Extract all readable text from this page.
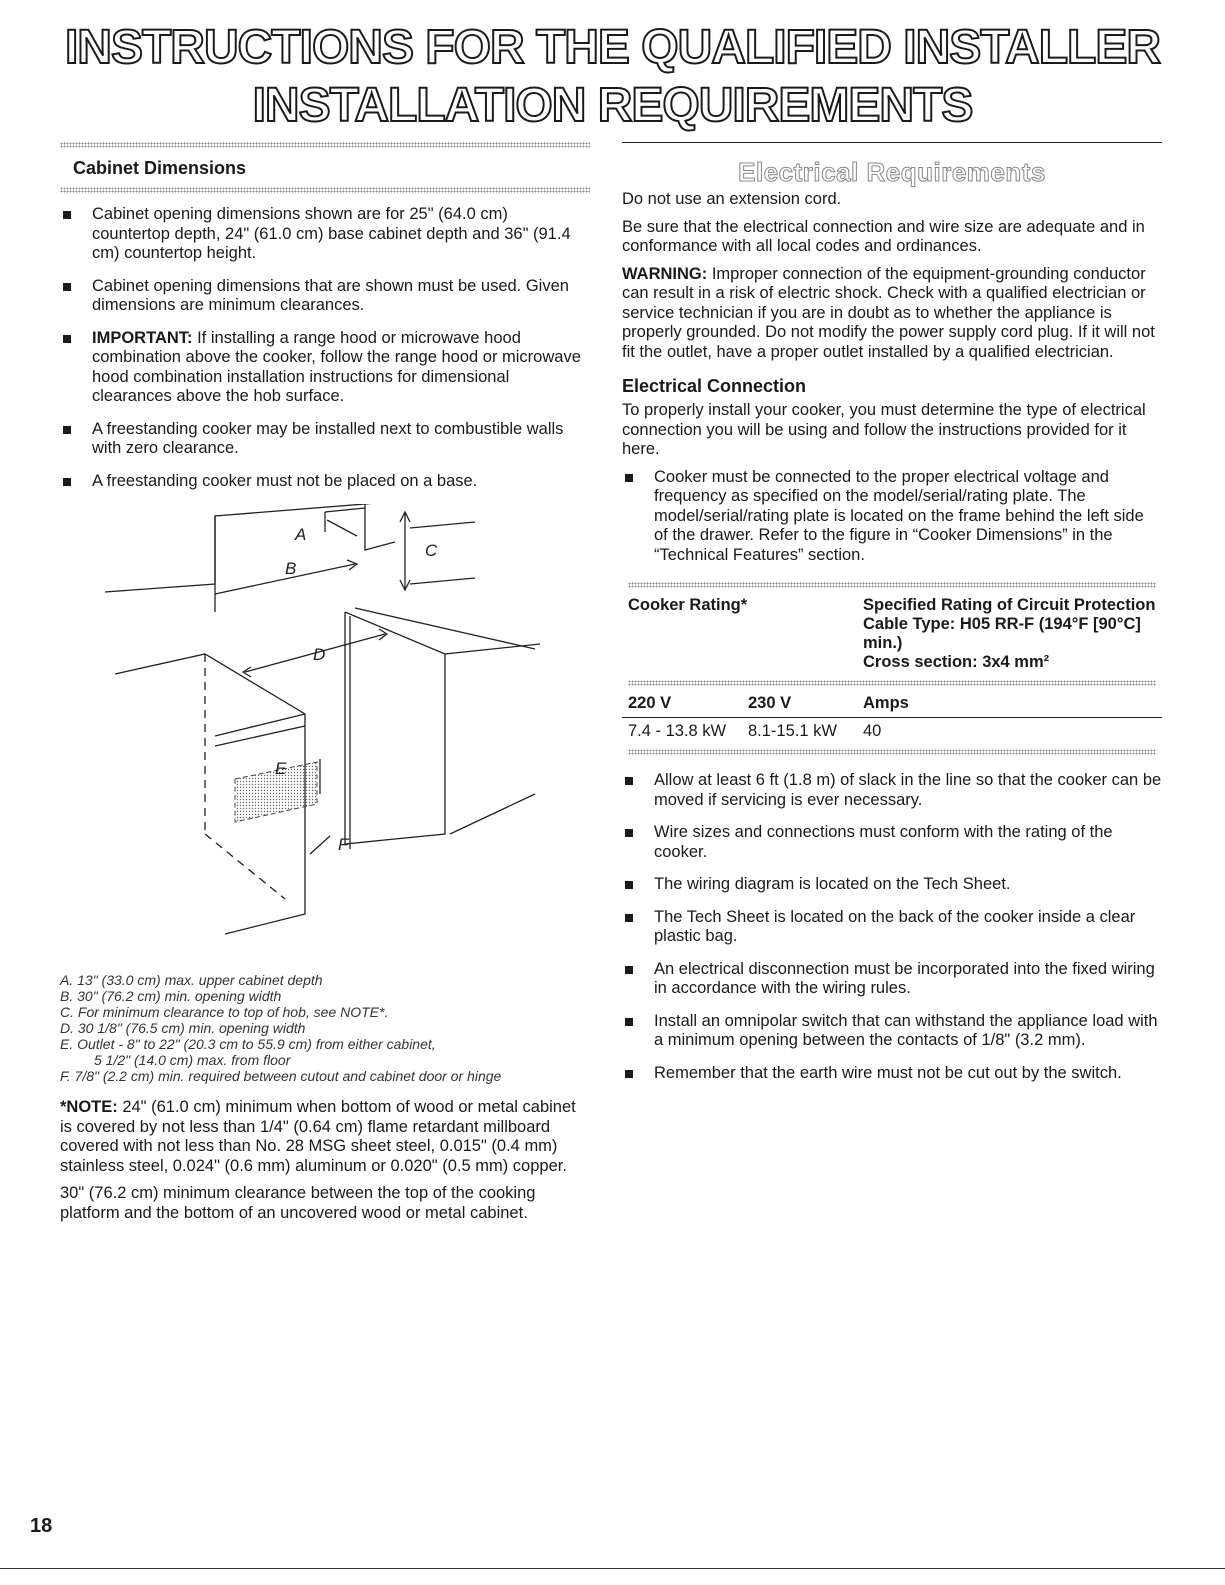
INSTRUCTIONS FOR THE QUALIFIED INSTALLER
INSTALLATION REQUIREMENTS
Cabinet Dimensions
Cabinet opening dimensions shown are for 25" (64.0 cm) countertop depth, 24" (61.0 cm) base cabinet depth and 36" (91.4 cm) countertop height.
Cabinet opening dimensions that are shown must be used. Given dimensions are minimum clearances.
IMPORTANT: If installing a range hood or microwave hood combination above the cooker, follow the range hood or microwave hood combination installation instructions for dimensional clearances above the hob surface.
A freestanding cooker may be installed next to combustible walls with zero clearance.
A freestanding cooker must not be placed on a base.
A
B
C
D
E
F

A. 13" (33.0 cm) max. upper cabinet depth

B. 30" (76.2 cm) min. opening width

C. For minimum clearance to top of hob, see NOTE*.

D. 30 1/8" (76.5 cm) min. opening width

E. Outlet - 8" to 22" (20.3 cm to 55.9 cm) from either cabinet,

5 1/2" (14.0 cm) max. from floor

F. 7/8" (2.2 cm) min. required between cutout and cabinet door or hinge

*NOTE: 24" (61.0 cm) minimum when bottom of wood or metal cabinet is covered by not less than 1/4" (0.64 cm) flame retardant millboard covered with not less than No. 28 MSG sheet steel, 0.015" (0.4 mm) stainless steel, 0.024" (0.6 mm) aluminum or 0.020" (0.5 mm) copper.

30" (76.2 cm) minimum clearance between the top of the cooking platform and the bottom of an uncovered wood or metal cabinet.

Electrical Requirements

Do not use an extension cord.

Be sure that the electrical connection and wire size are adequate and in conformance with all local codes and ordinances.

WARNING: Improper connection of the equipment-grounding conductor can result in a risk of electric shock. Check with a qualified electrician or service technician if you are in doubt as to whether the appliance is properly grounded. Do not modify the power supply cord plug. If it will not fit the outlet, have a proper outlet installed by a qualified electrician.

Electrical Connection

To properly install your cooker, you must determine the type of electrical connection you will be using and follow the instructions provided for it here.

Cooker must be connected to the proper electrical voltage and frequency as specified on the model/serial/rating plate. The model/serial/rating plate is located on the frame behind the left side of the drawer. Refer to the figure in “Cooker Dimensions” in the “Technical Features” section.

Cooker Rating*		Specified Rating of Circuit Protection
Cable Type: H05 RR-F (194°F [90°C] min.)
Cross section: 3x4 mm²

220 V	230 V	Amps
7.4 - 13.8 kW	8.1-15.1 kW	40

Allow at least 6 ft (1.8 m) of slack in the line so that the cooker can be moved if servicing is ever necessary.
Wire sizes and connections must conform with the rating of the cooker.
The wiring diagram is located on the Tech Sheet.
The Tech Sheet is located on the back of the cooker inside a clear plastic bag.
An electrical disconnection must be incorporated into the fixed wiring in accordance with the wiring rules.
Install an omnipolar switch that can withstand the appliance load with a minimum opening between the contacts of 1/8" (3.2 mm).
Remember that the earth wire must not be cut out by the switch.
18
